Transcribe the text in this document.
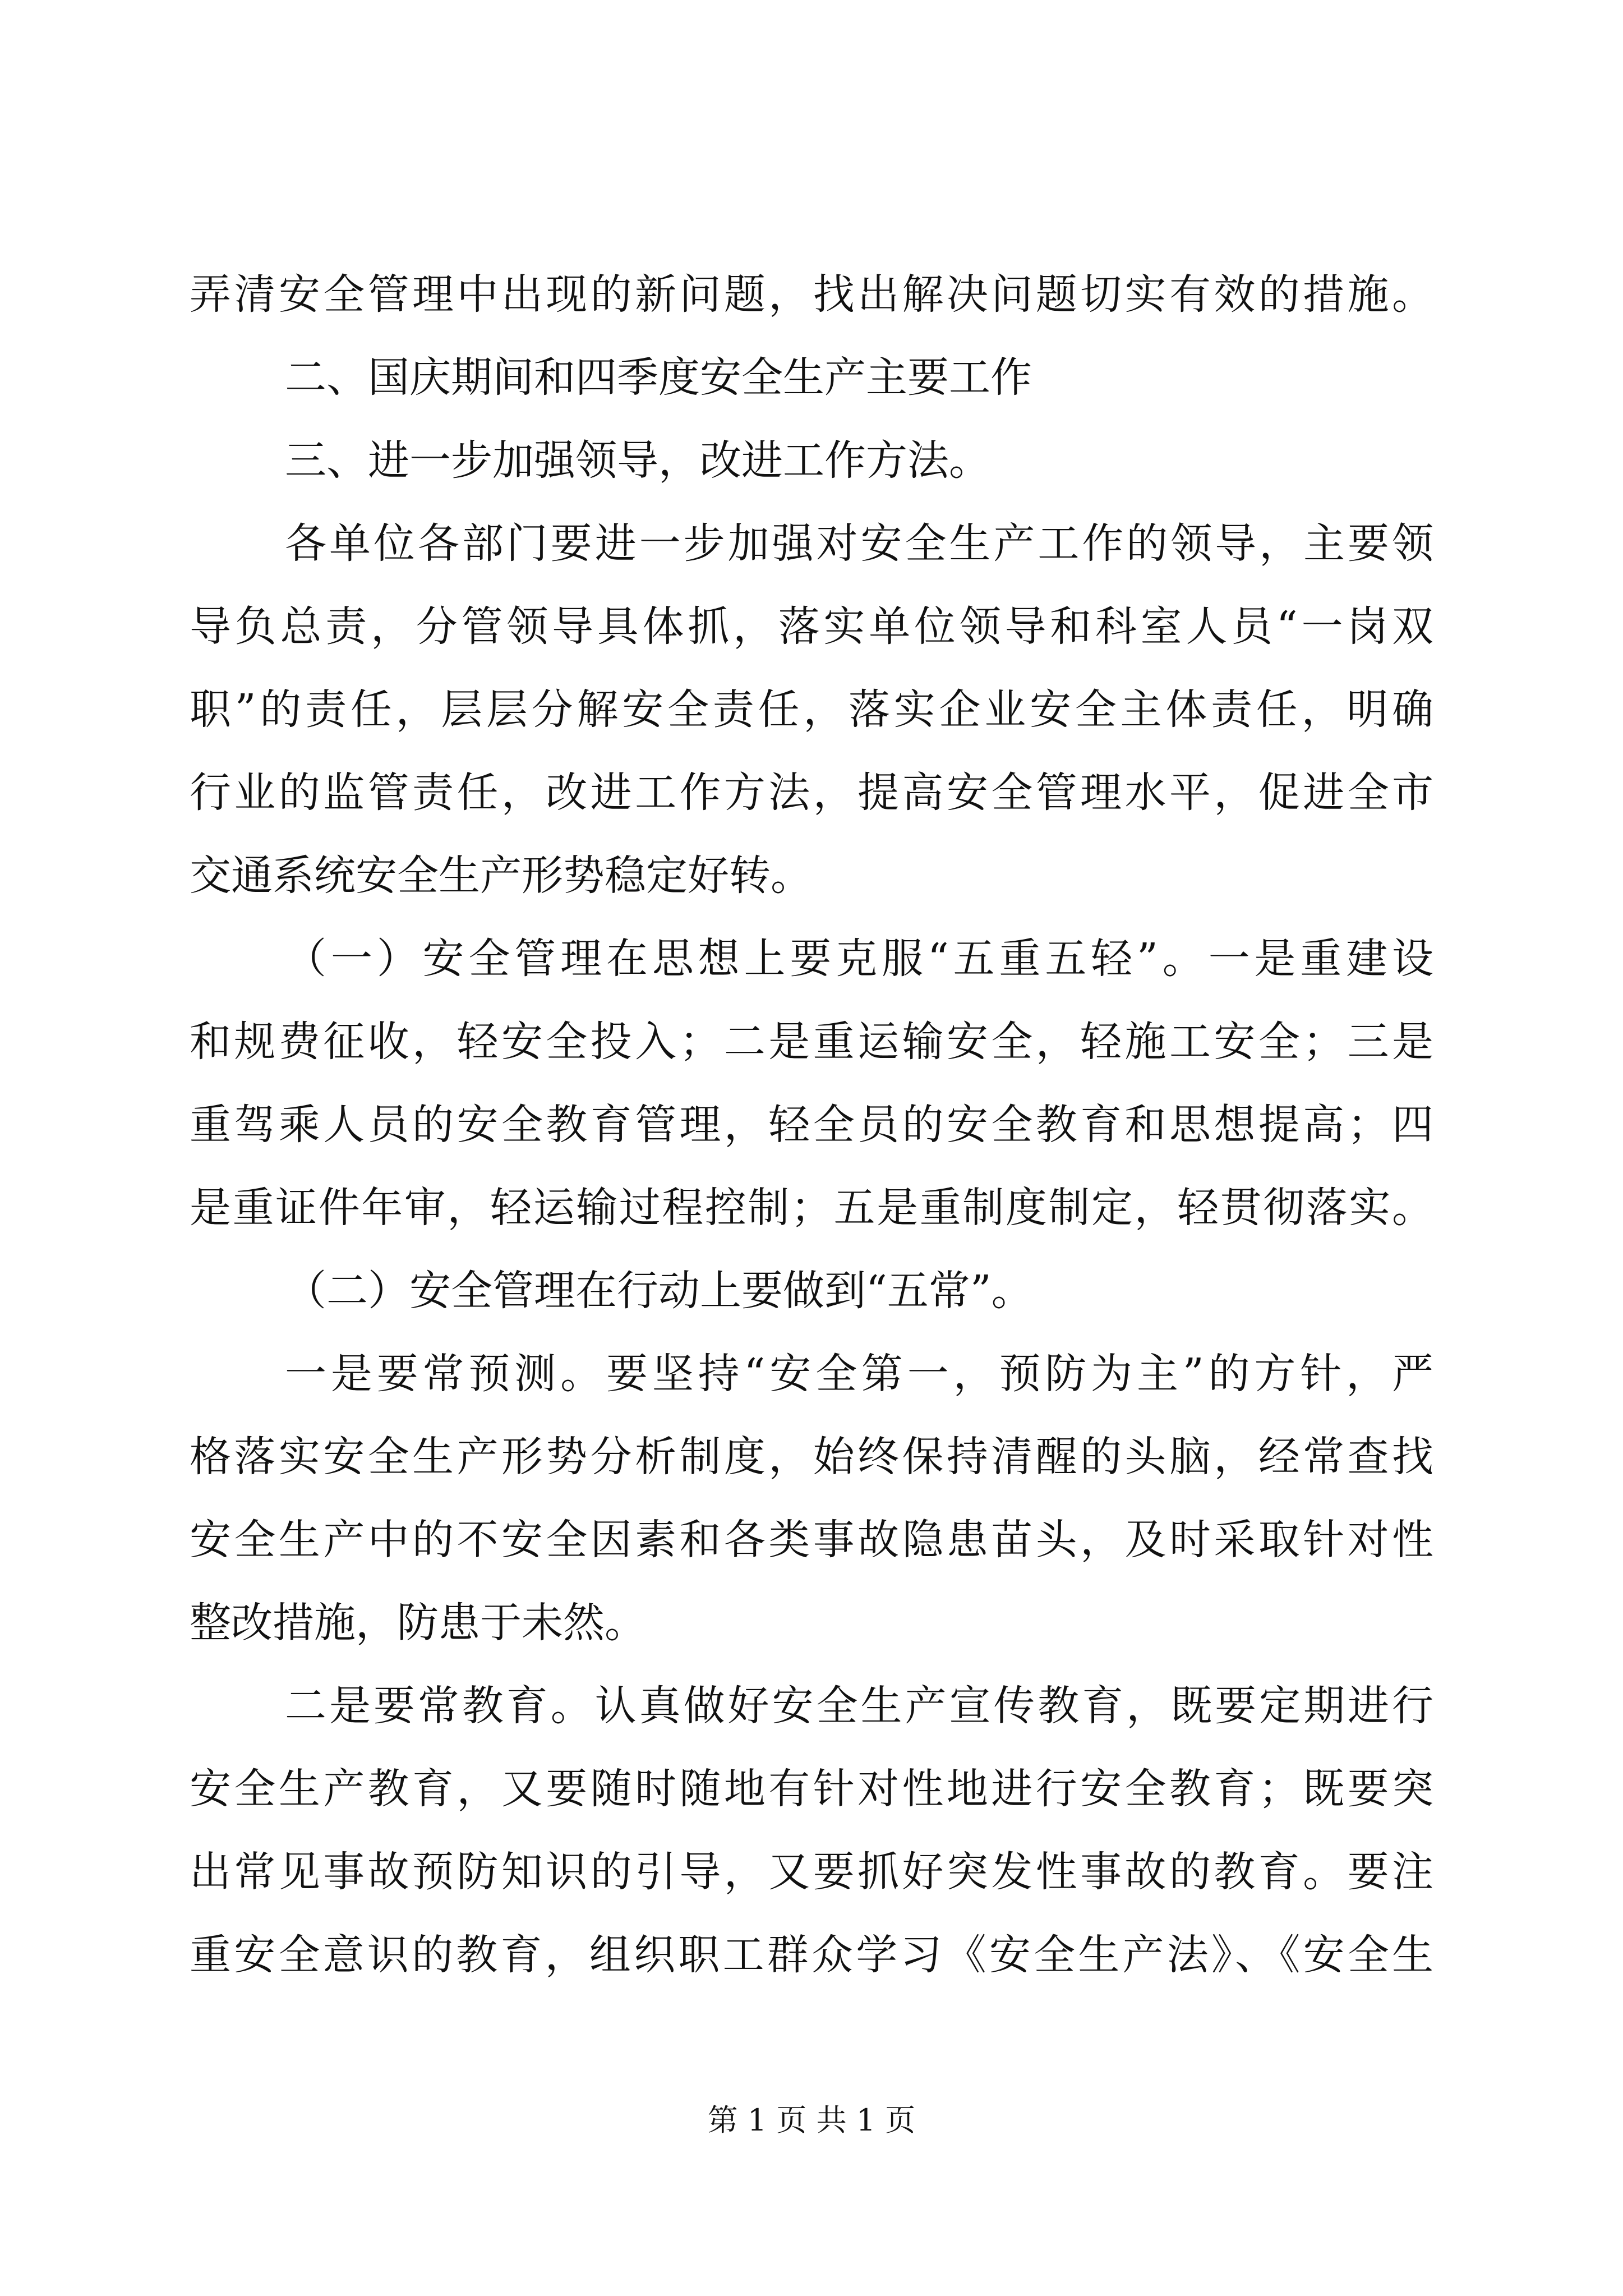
弄清安全管理中出现的新问题，找出解决问题切实有效的措施。
二、国庆期间和四季度安全生产主要工作
三、进一步加强领导，改进工作方法。
各单位各部门要进一步加强对安全生产工作的领导，主要领
导负总责，分管领导具体抓，落实单位领导和科室人员“一岗双
职”的责任，层层分解安全责任，落实企业安全主体责任，明确
行业的监管责任，改进工作方法，提高安全管理水平，促进全市
交通系统安全生产形势稳定好转。
（一）安全管理在思想上要克服“五重五轻”。一是重建设
和规费征收，轻安全投入；二是重运输安全，轻施工安全；三是
重驾乘人员的安全教育管理，轻全员的安全教育和思想提高；四
是重证件年审，轻运输过程控制；五是重制度制定，轻贯彻落实。
（二）安全管理在行动上要做到“五常”。
一是要常预测。要坚持“安全第一，预防为主”的方针，严
格落实安全生产形势分析制度，始终保持清醒的头脑，经常查找
安全生产中的不安全因素和各类事故隐患苗头，及时采取针对性
整改措施，防患于未然。
二是要常教育。认真做好安全生产宣传教育，既要定期进行
安全生产教育，又要随时随地有针对性地进行安全教育；既要突
出常见事故预防知识的引导，又要抓好突发性事故的教育。要注
重安全意识的教育，组织职工群众学习《安全生产法》、《安全生
第 1 页 共 1 页
